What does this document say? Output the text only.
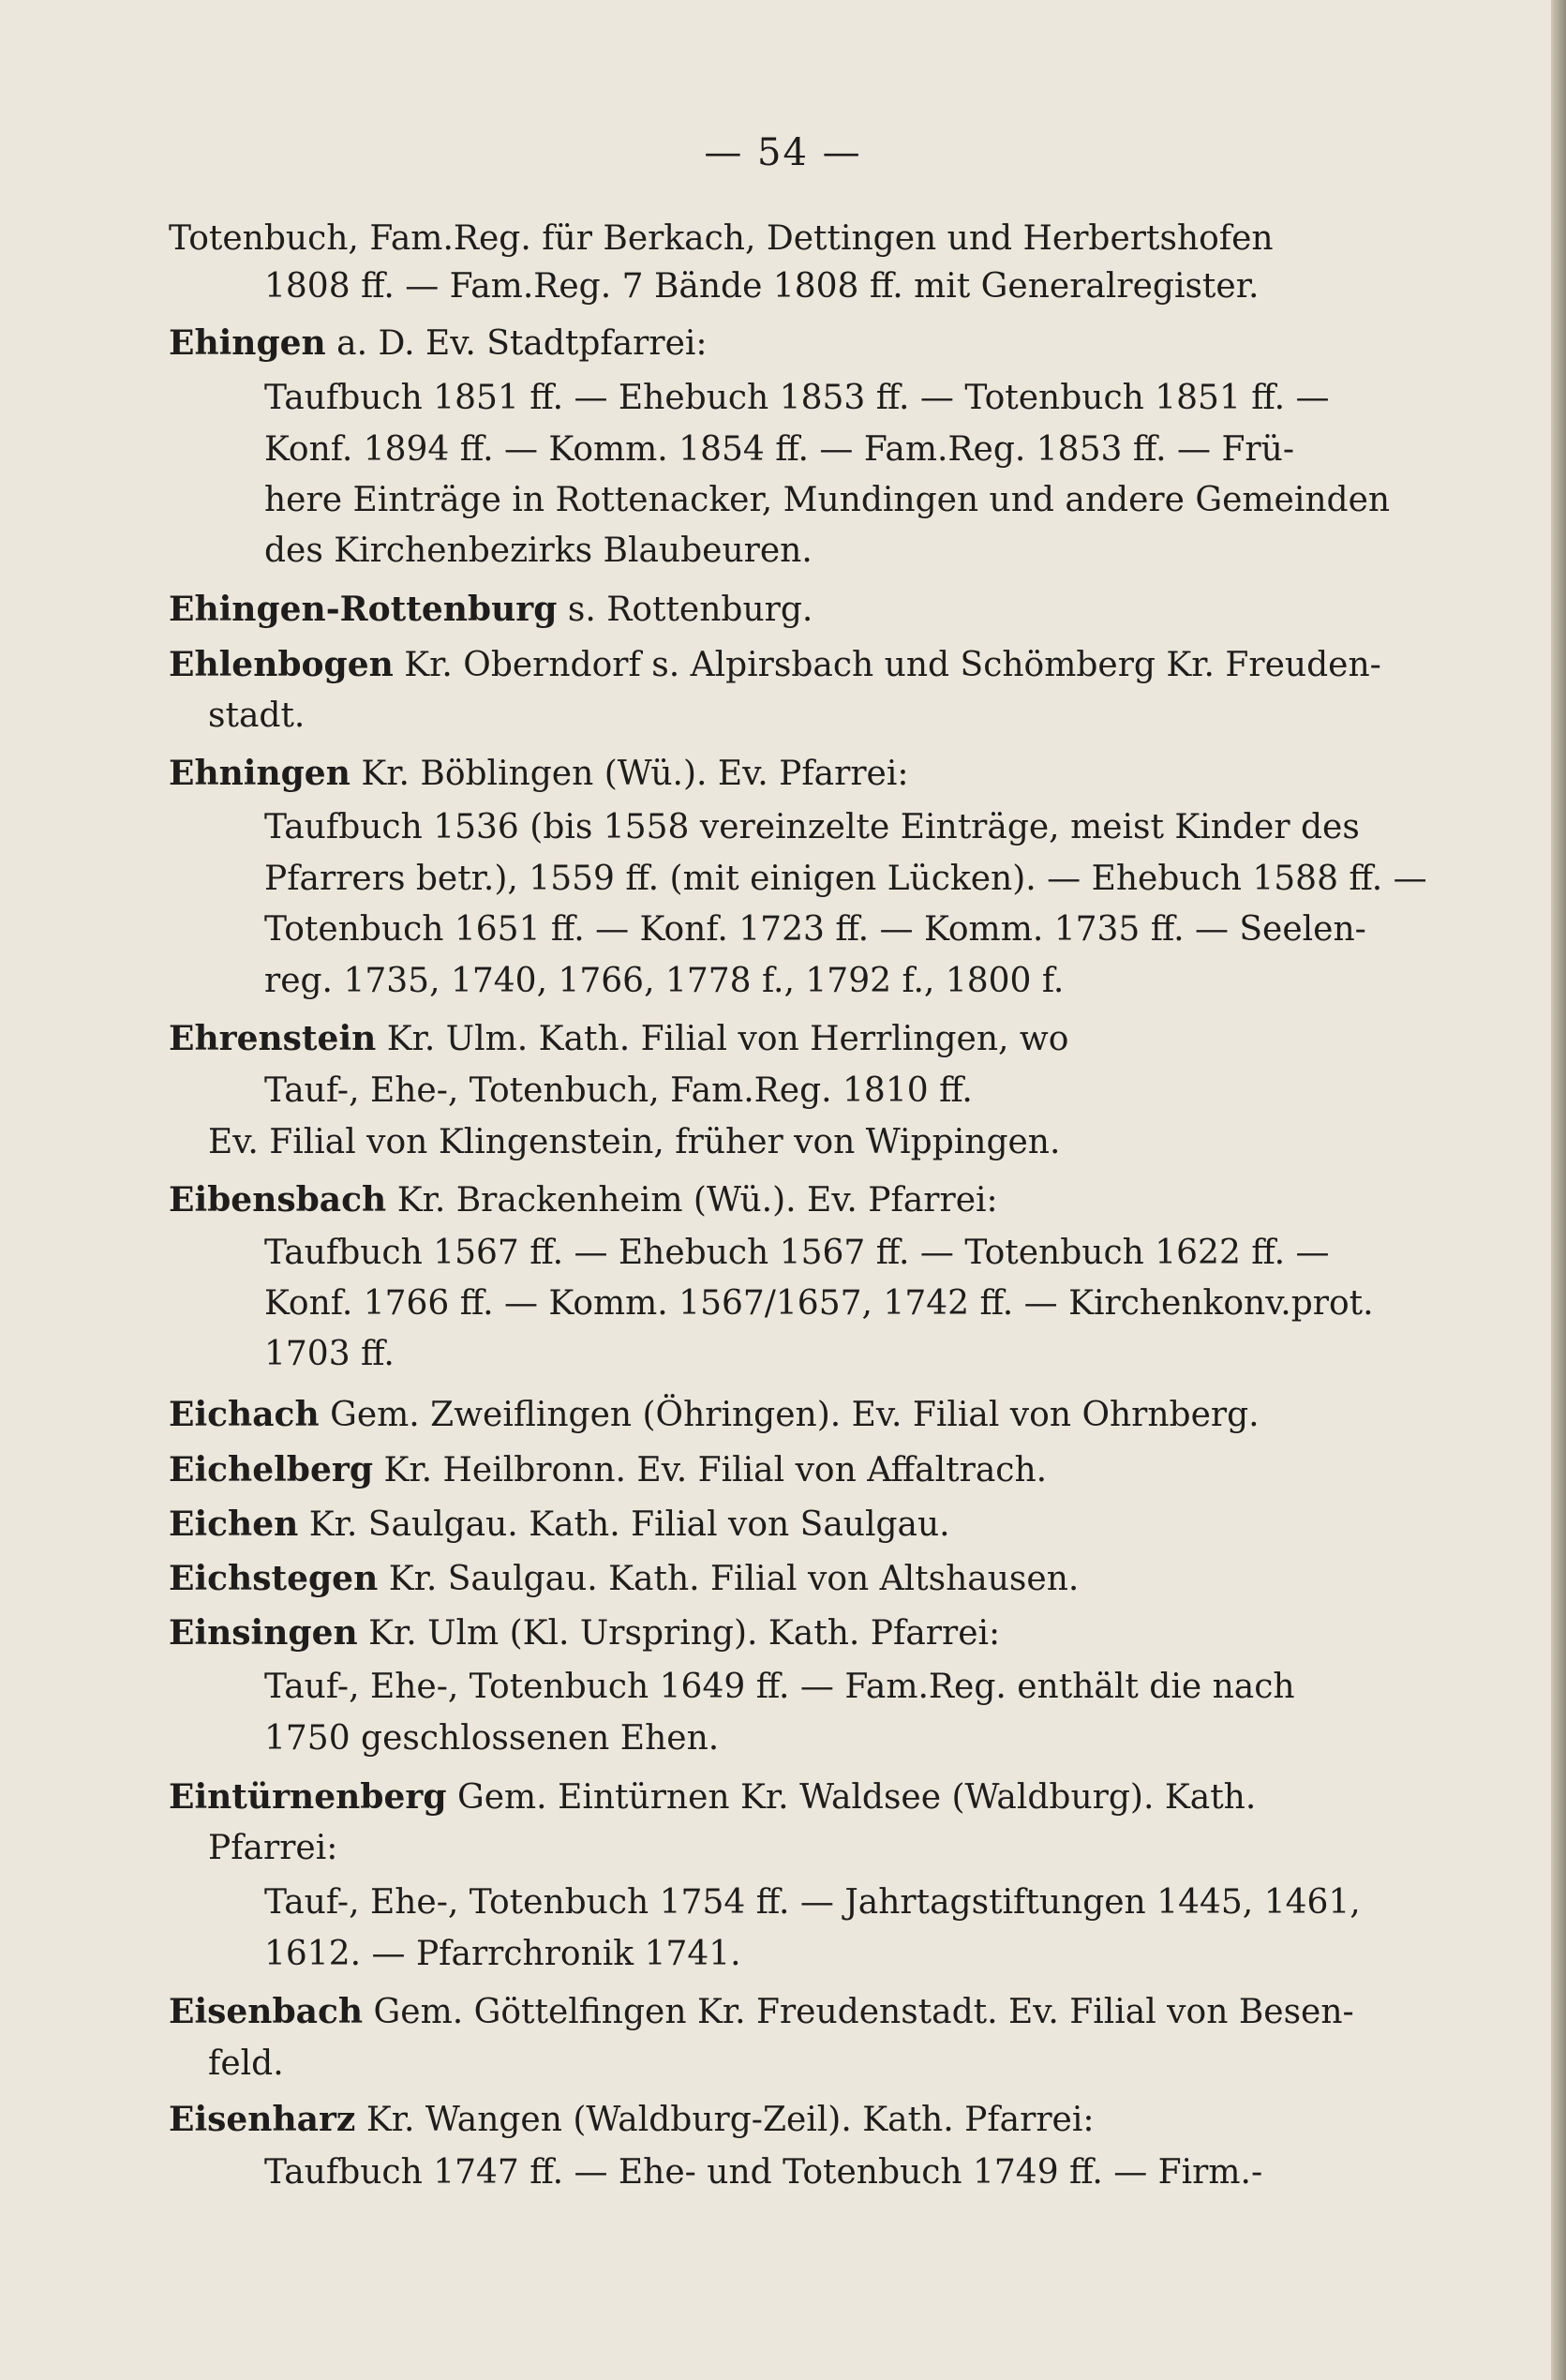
— 54 —
Totenbuch, Fam.Reg. für Berkach, Dettingen und Herbertshofen
1808 ff. — Fam.Reg. 7 Bände 1808 ff. mit Generalregister.
Ehingen a. D. Ev. Stadtpfarrei:
Taufbuch 1851 ff. — Ehebuch 1853 ff. — Totenbuch 1851 ff. —
Konf. 1894 ff. — Komm. 1854 ff. — Fam.Reg. 1853 ff. — Frü-
here Einträge in Rottenacker, Mundingen und andere Gemeinden
des Kirchenbezirks Blaubeuren.
Ehingen-Rottenburg s. Rottenburg.
Ehlenbogen Kr. Oberndorf s. Alpirsbach und Schömberg Kr. Freuden-
stadt.
Ehningen Kr. Böblingen (Wü.). Ev. Pfarrei:
Taufbuch 1536 (bis 1558 vereinzelte Einträge, meist Kinder des
Pfarrers betr.), 1559 ff. (mit einigen Lücken). — Ehebuch 1588 ff. —
Totenbuch 1651 ff. — Konf. 1723 ff. — Komm. 1735 ff. — Seelen-
reg. 1735, 1740, 1766, 1778 f., 1792 f., 1800 f.
Ehrenstein Kr. Ulm. Kath. Filial von Herrlingen, wo
Tauf-, Ehe-, Totenbuch, Fam.Reg. 1810 ff.
Ev. Filial von Klingenstein, früher von Wippingen.
Eibensbach Kr. Brackenheim (Wü.). Ev. Pfarrei:
Taufbuch 1567 ff. — Ehebuch 1567 ff. — Totenbuch 1622 ff. —
Konf. 1766 ff. — Komm. 1567/1657, 1742 ff. — Kirchenkonv.prot.
1703 ff.
Eichach Gem. Zweiflingen (Öhringen). Ev. Filial von Ohrnberg.
Eichelberg Kr. Heilbronn. Ev. Filial von Affaltrach.
Eichen Kr. Saulgau. Kath. Filial von Saulgau.
Eichstegen Kr. Saulgau. Kath. Filial von Altshausen.
Einsingen Kr. Ulm (Kl. Urspring). Kath. Pfarrei:
Tauf-, Ehe-, Totenbuch 1649 ff. — Fam.Reg. enthält die nach
1750 geschlossenen Ehen.
Eintürnenberg Gem. Eintürnen Kr. Waldsee (Waldburg). Kath.
Pfarrei:
Tauf-, Ehe-, Totenbuch 1754 ff. — Jahrtagstiftungen 1445, 1461,
1612. — Pfarrchronik 1741.
Eisenbach Gem. Göttelfingen Kr. Freudenstadt. Ev. Filial von Besen-
feld.
Eisenharz Kr. Wangen (Waldburg-Zeil). Kath. Pfarrei:
Taufbuch 1747 ff. — Ehe- und Totenbuch 1749 ff. — Firm.-
